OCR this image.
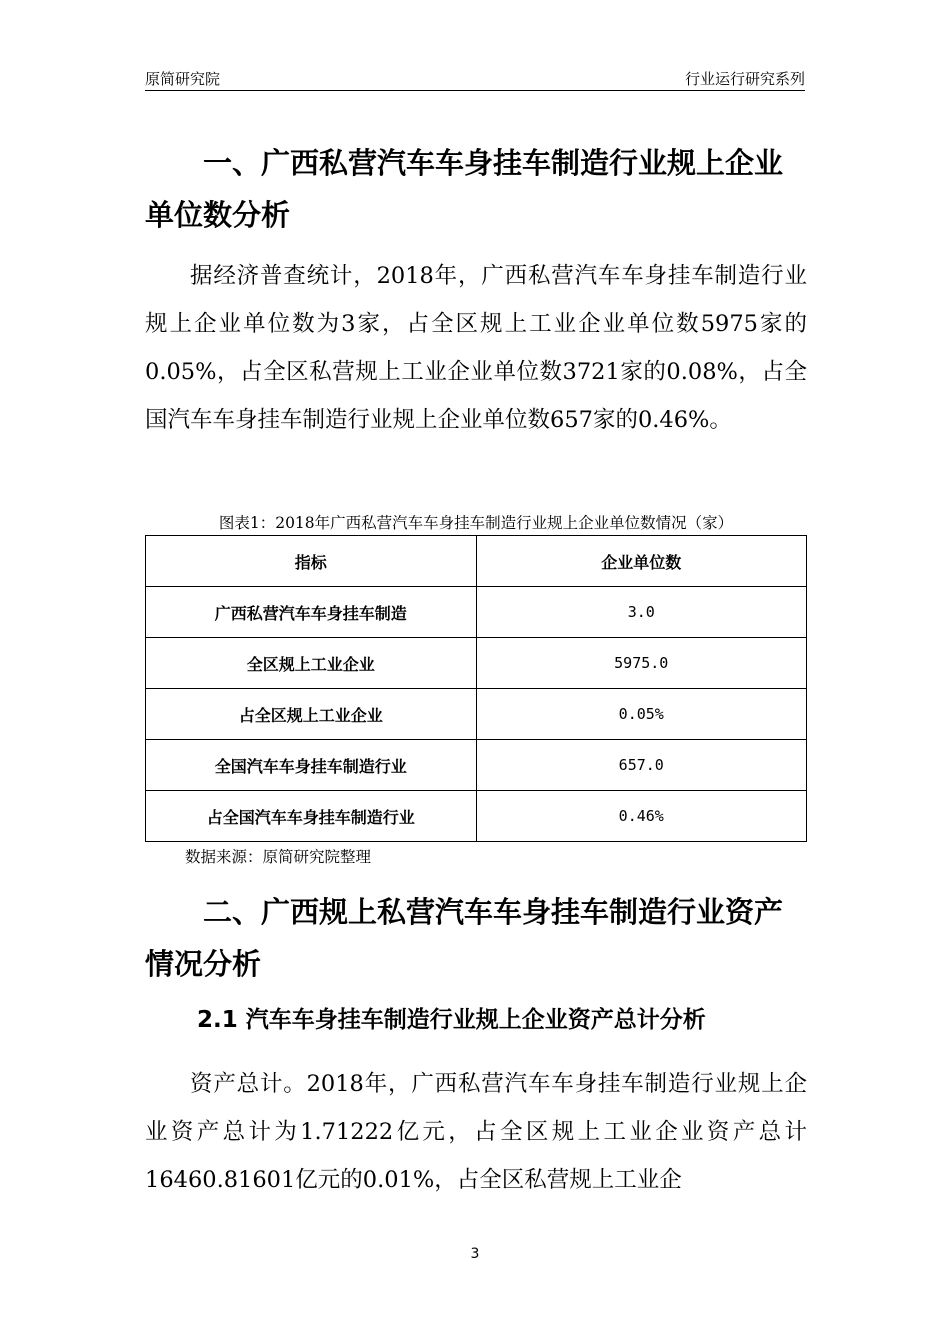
原简研究院	行业运行研究系列
一、广西私营汽车车身挂车制造行业规上企业单位数分析

据经济普查统计，2018年，广西私营汽车车身挂车制造行业规上企业单位数为3家，占全区规上工业企业单位数5975家的0.05%，占全区私营规上工业企业单位数3721家的0.08%，占全国汽车车身挂车制造行业规上企业单位数657家的0.46%。

图表1：2018年广西私营汽车车身挂车制造行业规上企业单位数情况（家）
指标	企业单位数
广西私营汽车车身挂车制造	3.0
全区规上工业企业	5975.0
占全区规上工业企业	0.05%
全国汽车车身挂车制造行业	657.0
占全国汽车车身挂车制造行业	0.46%
数据来源：原简研究院整理
二、广西规上私营汽车车身挂车制造行业资产情况分析
2.1 汽车车身挂车制造行业规上企业资产总计分析

资产总计。2018年，广西私营汽车车身挂车制造行业规上企业资产总计为1.71222亿元，占全区规上工业企业资产总计16460.81601亿元的0.01%，占全区私营规上工业企

3
